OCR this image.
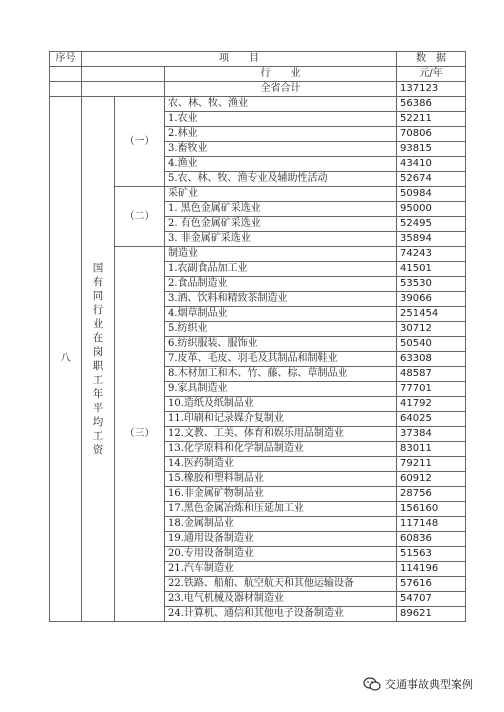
序号	项　　目			数　据
			行　　业	元/年
			全省合计	137123
八	国有同行业在岗职工年平均工资	（一）	农、林、牧、渔业	56386
			1.农业	52211
			2.林业	70806
			3.畜牧业	93815
			4.渔业	43410
			5.农、林、牧、渔专业及辅助性活动	52674
		（二）	采矿业	50984
			1. 黑色金属矿采选业	95000
			2. 有色金属矿采选业	52495
			3. 非金属矿采选业	35894
		（三）	制造业	74243
			1.农副食品加工业	41501
			2.食品制造业	53530
			3.酒、饮料和精致茶制造业	39066
			4.烟草制品业	251454
			5.纺织业	30712
			6.纺织服装、服饰业	50540
			7.皮革、毛皮、羽毛及其制品和制鞋业	63308
			8.木材加工和木、竹、藤、棕、草制品业	48587
			9.家具制造业	77701
			10.造纸及纸制品业	41792
			11.印刷和记录媒介复制业	64025
			12.文教、工美、体育和娱乐用品制造业	37384
			13.化学原料和化学制品制造业	83011
			14.医药制造业	79211
			15.橡胶和塑料制品业	60912
			16.非金属矿物制品业	28756
			17.黑色金属冶炼和压延加工业	156160
			18.金属制品业	117148
			19.通用设备制造业	60836
			20.专用设备制造业	51563
			21.汽车制造业	114196
			22.铁路、船舶、航空航天和其他运输设备	57616
			23.电气机械及器材制造业	54707
			24.计算机、通信和其他电子设备制造业	89621
交通事故典型案例
